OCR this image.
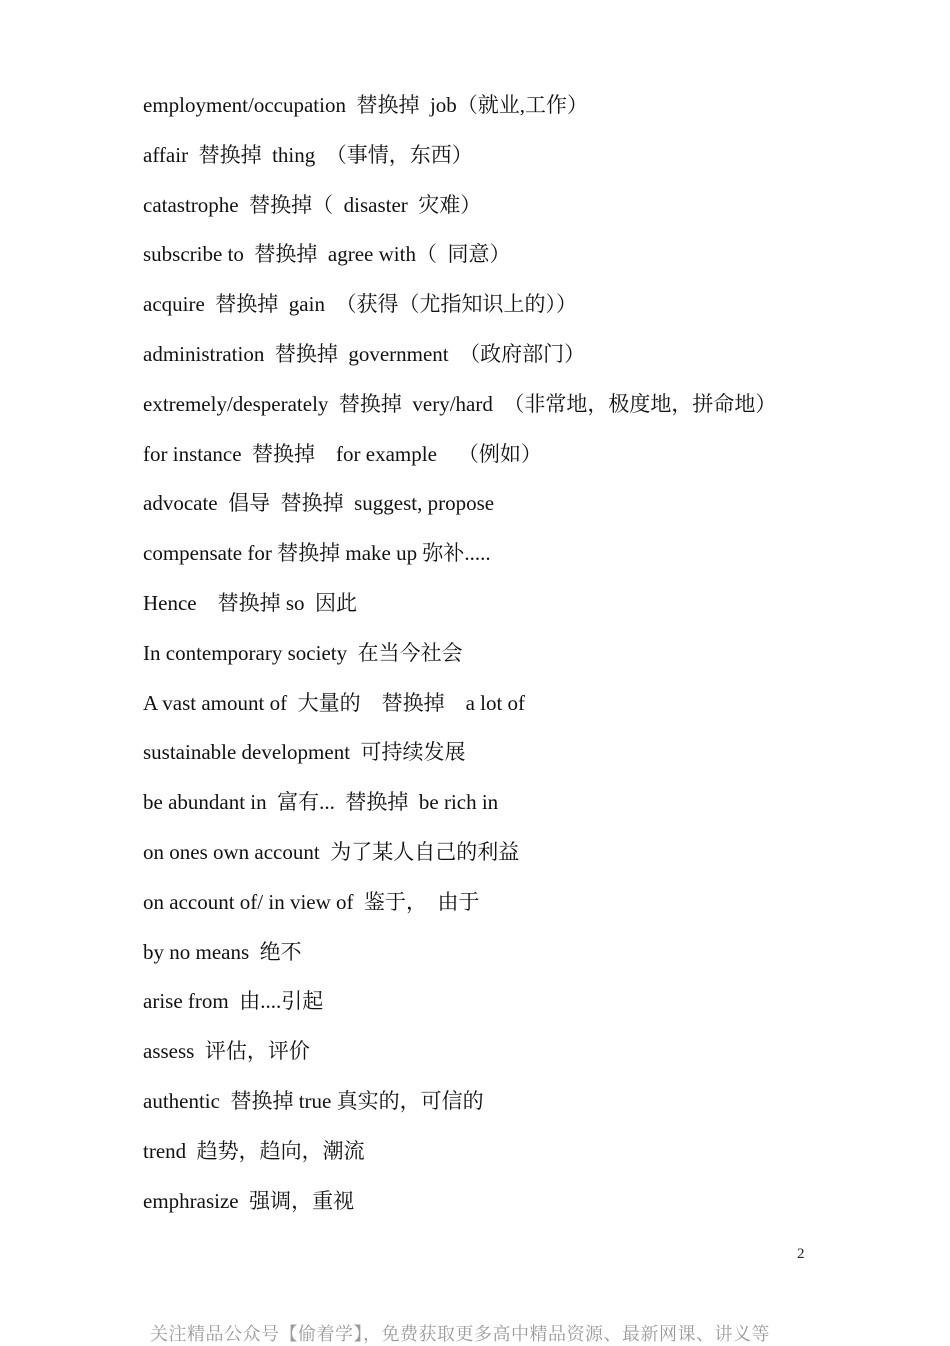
employment/occupation  替换掉  job（就业,工作）
affair  替换掉  thing  （事情，东西）
catastrophe  替换掉（  disaster  灾难）
subscribe to  替换掉  agree with（  同意）
acquire  替换掉  gain  （获得（尤指知识上的））
administration  替换掉  government  （政府部门）
extremely/desperately  替换掉  very/hard  （非常地，极度地，拼命地）
for instance  替换掉    for example    （例如）
advocate  倡导  替换掉  suggest, propose
compensate for 替换掉 make up 弥补.....
Hence    替换掉 so  因此
In contemporary society  在当今社会
A vast amount of  大量的    替换掉    a lot of
sustainable development  可持续发展
be abundant in  富有...  替换掉  be rich in
on ones own account  为了某人自己的利益
on account of/ in view of  鉴于，  由于
by no means  绝不
arise from  由....引起
assess  评估，评价
authentic  替换掉 true 真实的，可信的
trend  趋势，趋向，潮流
emphrasize  强调，重视
2
关注精品公众号【偷着学】，免费获取更多高中精品资源、最新网课、讲义等
